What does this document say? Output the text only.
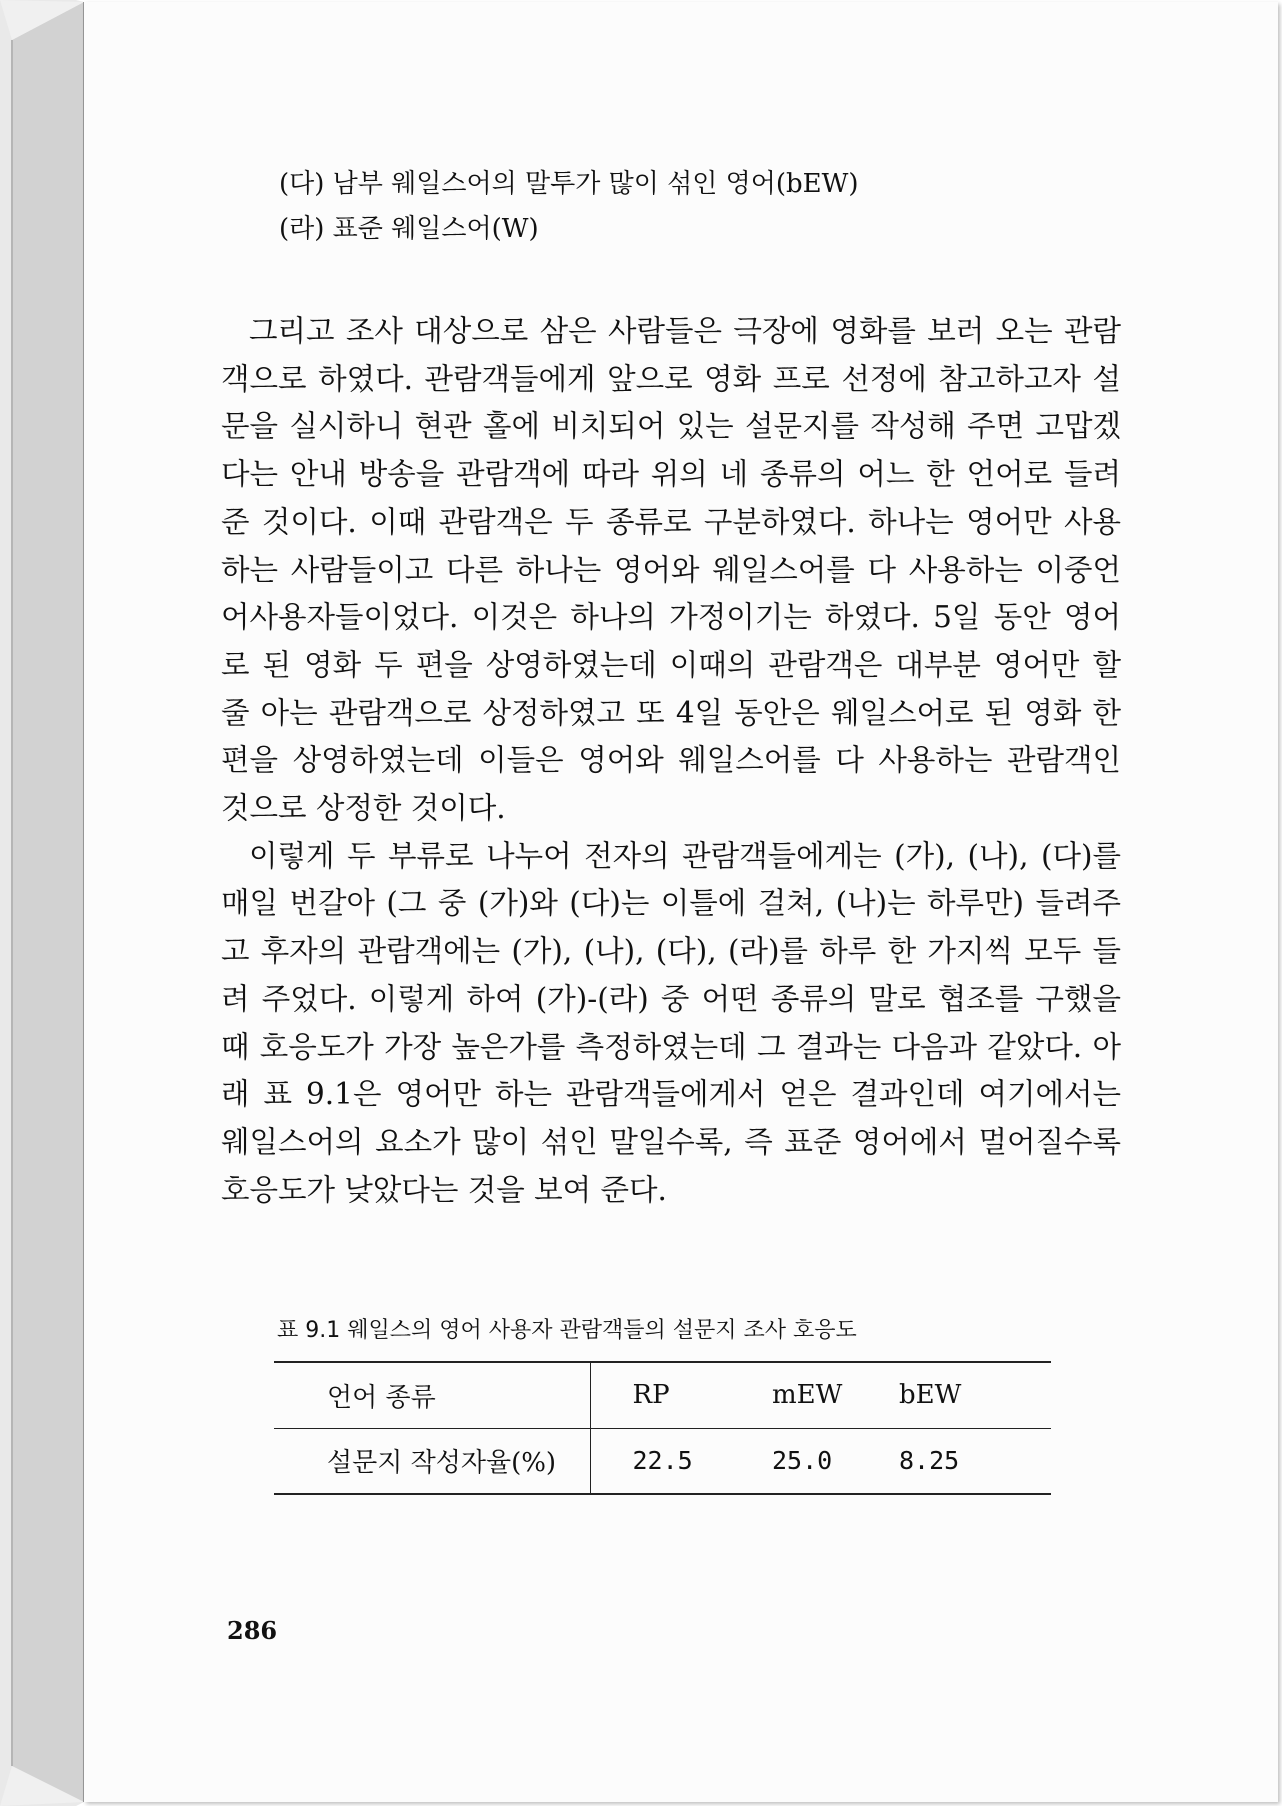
(다) 남부 웨일스어의 말투가 많이 섞인 영어(bEW)
(라) 표준 웨일스어(W)

그리고 조사 대상으로 삼은 사람들은 극장에 영화를 보러 오는 관람객으로 하였다. 관람객들에게 앞으로 영화 프로 선정에 참고하고자 설문을 실시하니 현관 홀에 비치되어 있는 설문지를 작성해 주면 고맙겠다는 안내 방송을 관람객에 따라 위의 네 종류의 어느 한 언어로 들려준 것이다. 이때 관람객은 두 종류로 구분하였다. 하나는 영어만 사용하는 사람들이고 다른 하나는 영어와 웨일스어를 다 사용하는 이중언어사용자들이었다. 이것은 하나의 가정이기는 하였다. 5일 동안 영어로 된 영화 두 편을 상영하였는데 이때의 관람객은 대부분 영어만 할 줄 아는 관람객으로 상정하였고 또 4일 동안은 웨일스어로 된 영화 한 편을 상영하였는데 이들은 영어와 웨일스어를 다 사용하는 관람객인 것으로 상정한 것이다.

이렇게 두 부류로 나누어 전자의 관람객들에게는 (가), (나), (다)를 매일 번갈아 (그 중 (가)와 (다)는 이틀에 걸쳐, (나)는 하루만) 들려주고 후자의 관람객에는 (가), (나), (다), (라)를 하루 한 가지씩 모두 들려 주었다. 이렇게 하여 (가)-(라) 중 어떤 종류의 말로 협조를 구했을 때 호응도가 가장 높은가를 측정하였는데 그 결과는 다음과 같았다. 아래 표 9.1은 영어만 하는 관람객들에게서 얻은 결과인데 여기에서는 웨일스어의 요소가 많이 섞인 말일수록, 즉 표준 영어에서 멀어질수록 호응도가 낮았다는 것을 보여 준다.

표 9.1 웨일스의 영어 사용자 관람객들의 설문지 조사 호응도
언어 종류	RP	mEW	bEW
설문지 작성자율(%)	22.5	25.0	8.25
286
